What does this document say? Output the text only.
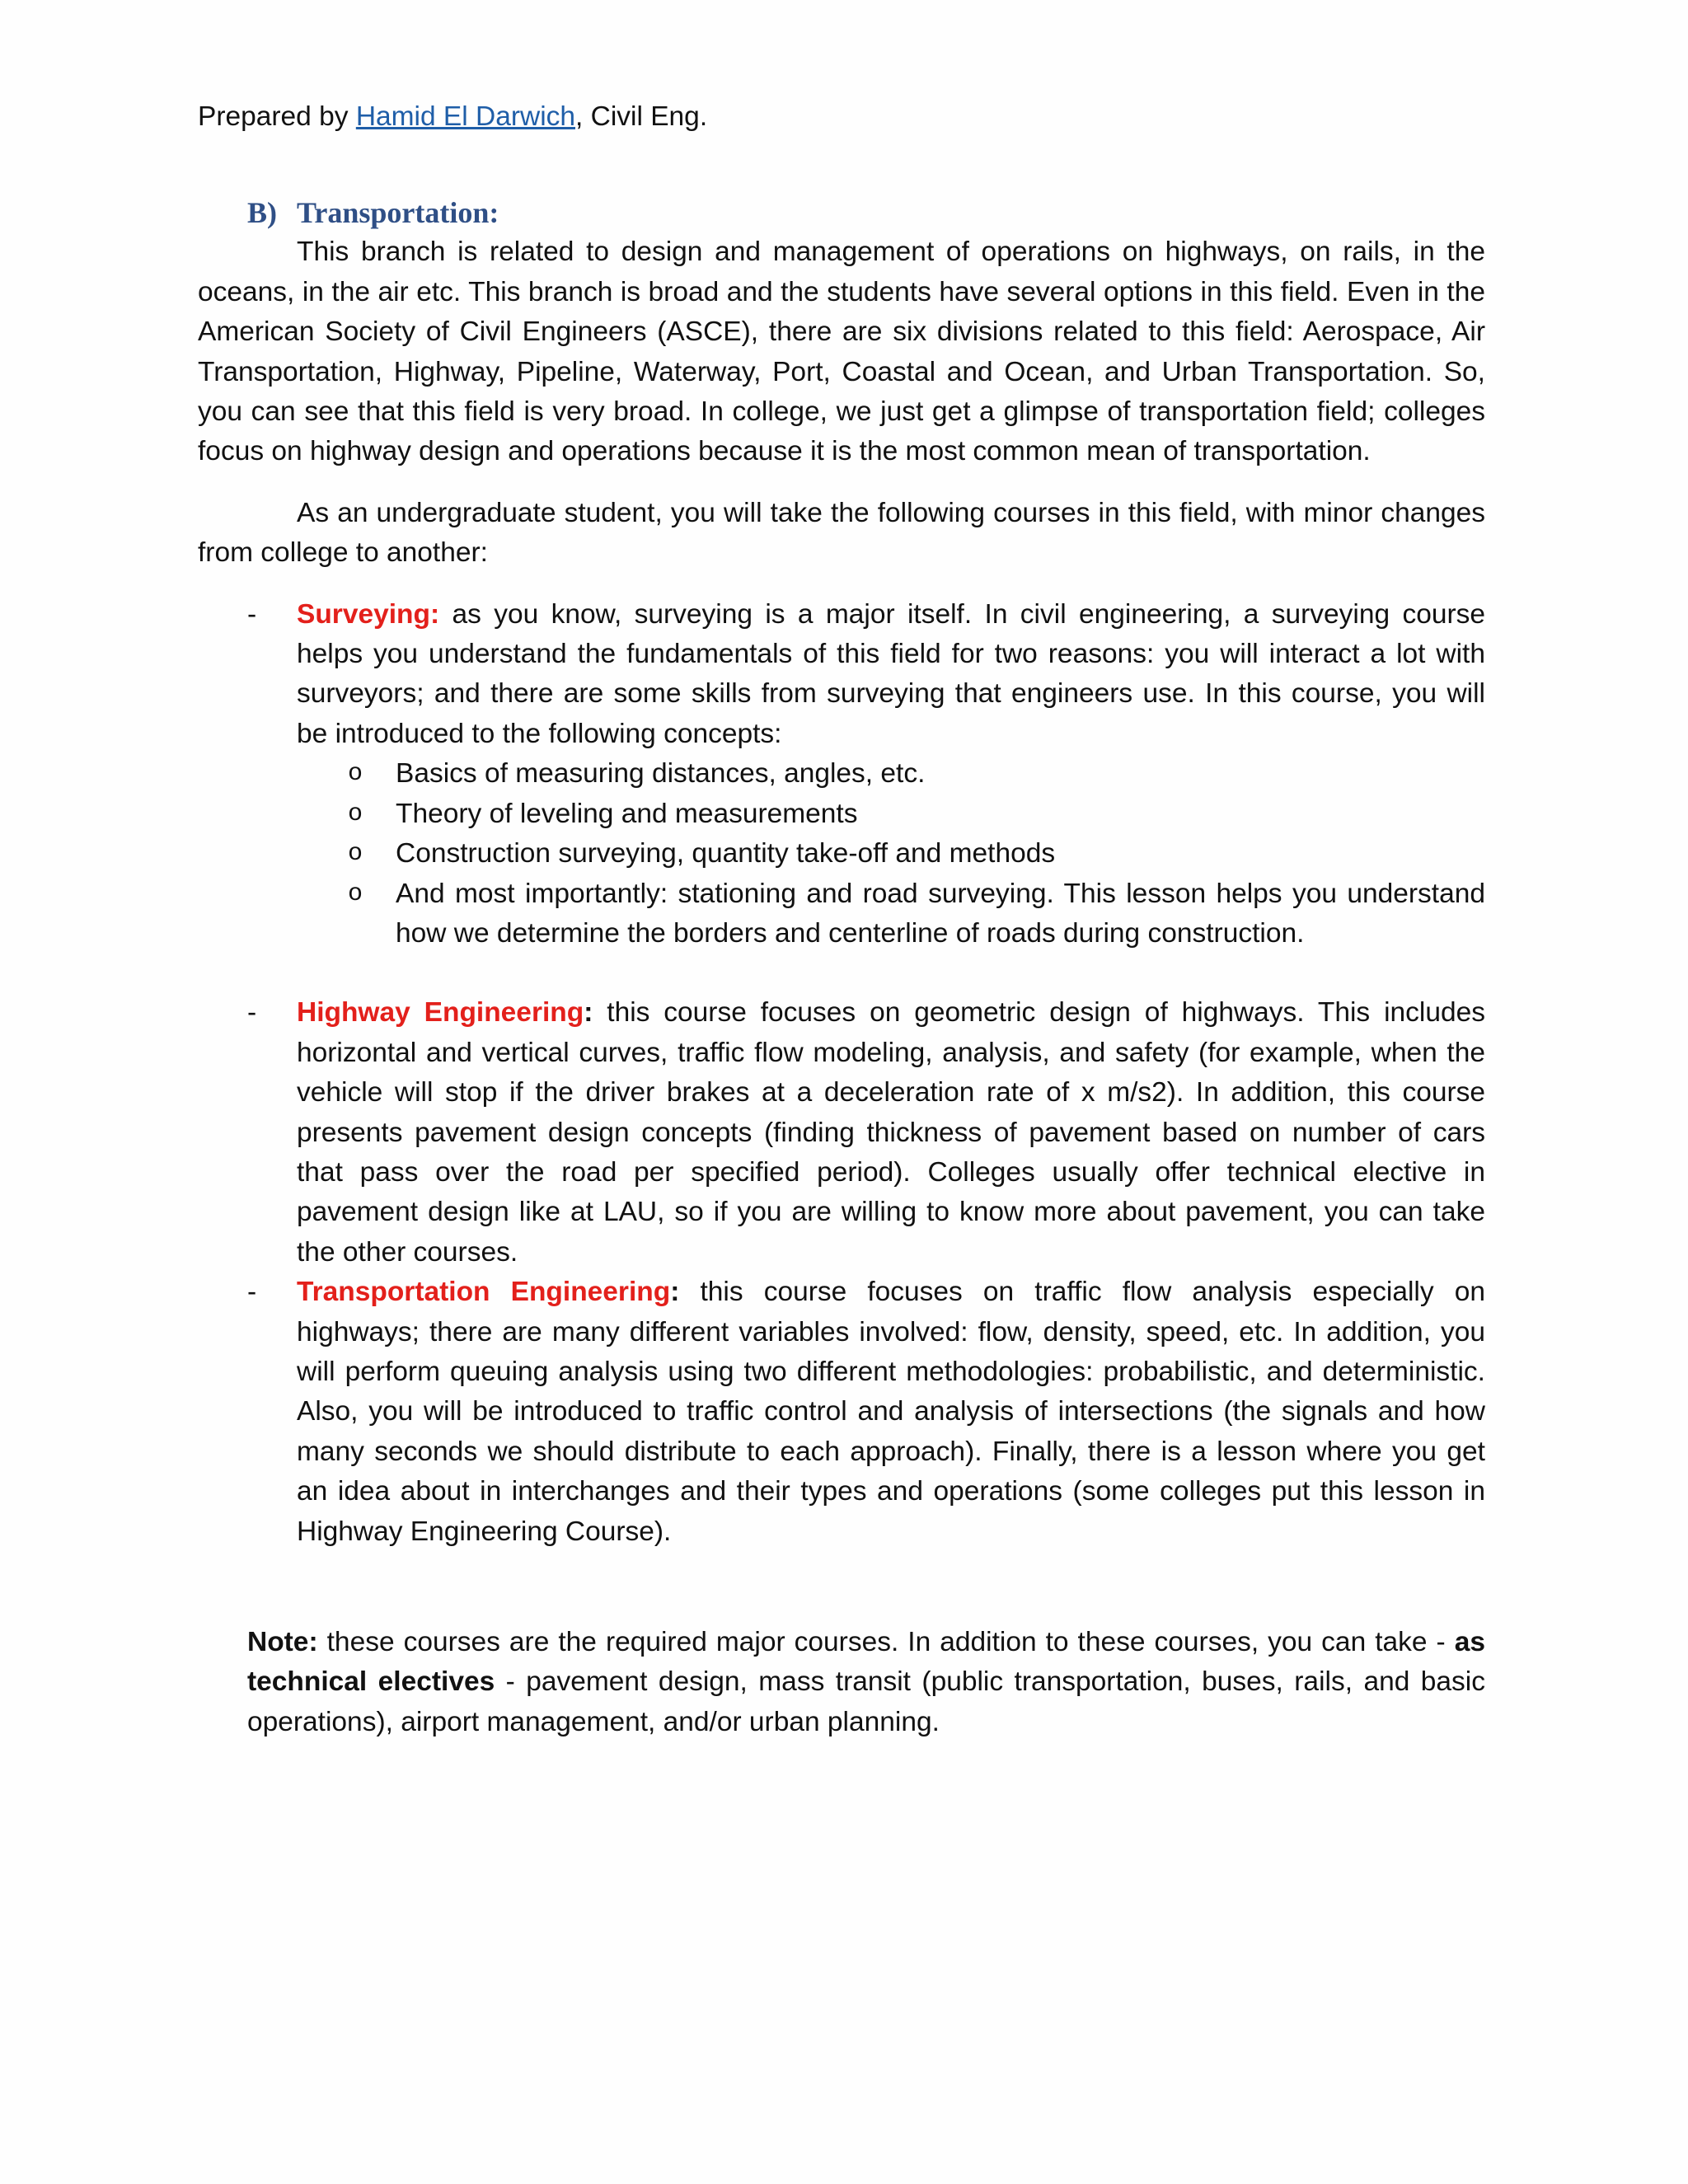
Prepared by Hamid El Darwich, Civil Eng.

B) Transportation:

This branch is related to design and management of operations on highways, on rails, in the oceans, in the air etc. This branch is broad and the students have several options in this field. Even in the American Society of Civil Engineers (ASCE), there are six divisions related to this field: Aerospace, Air Transportation, Highway, Pipeline, Waterway, Port, Coastal and Ocean, and Urban Transportation. So, you can see that this field is very broad. In college, we just get a glimpse of transportation field; colleges focus on highway design and operations because it is the most common mean of transportation.

As an undergraduate student, you will take the following courses in this field, with minor changes from college to another:

- Surveying: as you know, surveying is a major itself. In civil engineering, a surveying course helps you understand the fundamentals of this field for two reasons: you will interact a lot with surveyors; and there are some skills from surveying that engineers use. In this course, you will be introduced to the following concepts:
o Basics of measuring distances, angles, etc.
o Theory of leveling and measurements
o Construction surveying, quantity take-off and methods
o And most importantly: stationing and road surveying. This lesson helps you understand how we determine the borders and centerline of roads during construction.
- Highway Engineering: this course focuses on geometric design of highways. This includes horizontal and vertical curves, traffic flow modeling, analysis, and safety (for example, when the vehicle will stop if the driver brakes at a deceleration rate of x m/s2). In addition, this course presents pavement design concepts (finding thickness of pavement based on number of cars that pass over the road per specified period). Colleges usually offer technical elective in pavement design like at LAU, so if you are willing to know more about pavement, you can take the other courses.
- Transportation Engineering: this course focuses on traffic flow analysis especially on highways; there are many different variables involved: flow, density, speed, etc. In addition, you will perform queuing analysis using two different methodologies: probabilistic, and deterministic. Also, you will be introduced to traffic control and analysis of intersections (the signals and how many seconds we should distribute to each approach). Finally, there is a lesson where you get an idea about in interchanges and their types and operations (some colleges put this lesson in Highway Engineering Course).

Note: these courses are the required major courses. In addition to these courses, you can take - as technical electives - pavement design, mass transit (public transportation, buses, rails, and basic operations), airport management, and/or urban planning.
